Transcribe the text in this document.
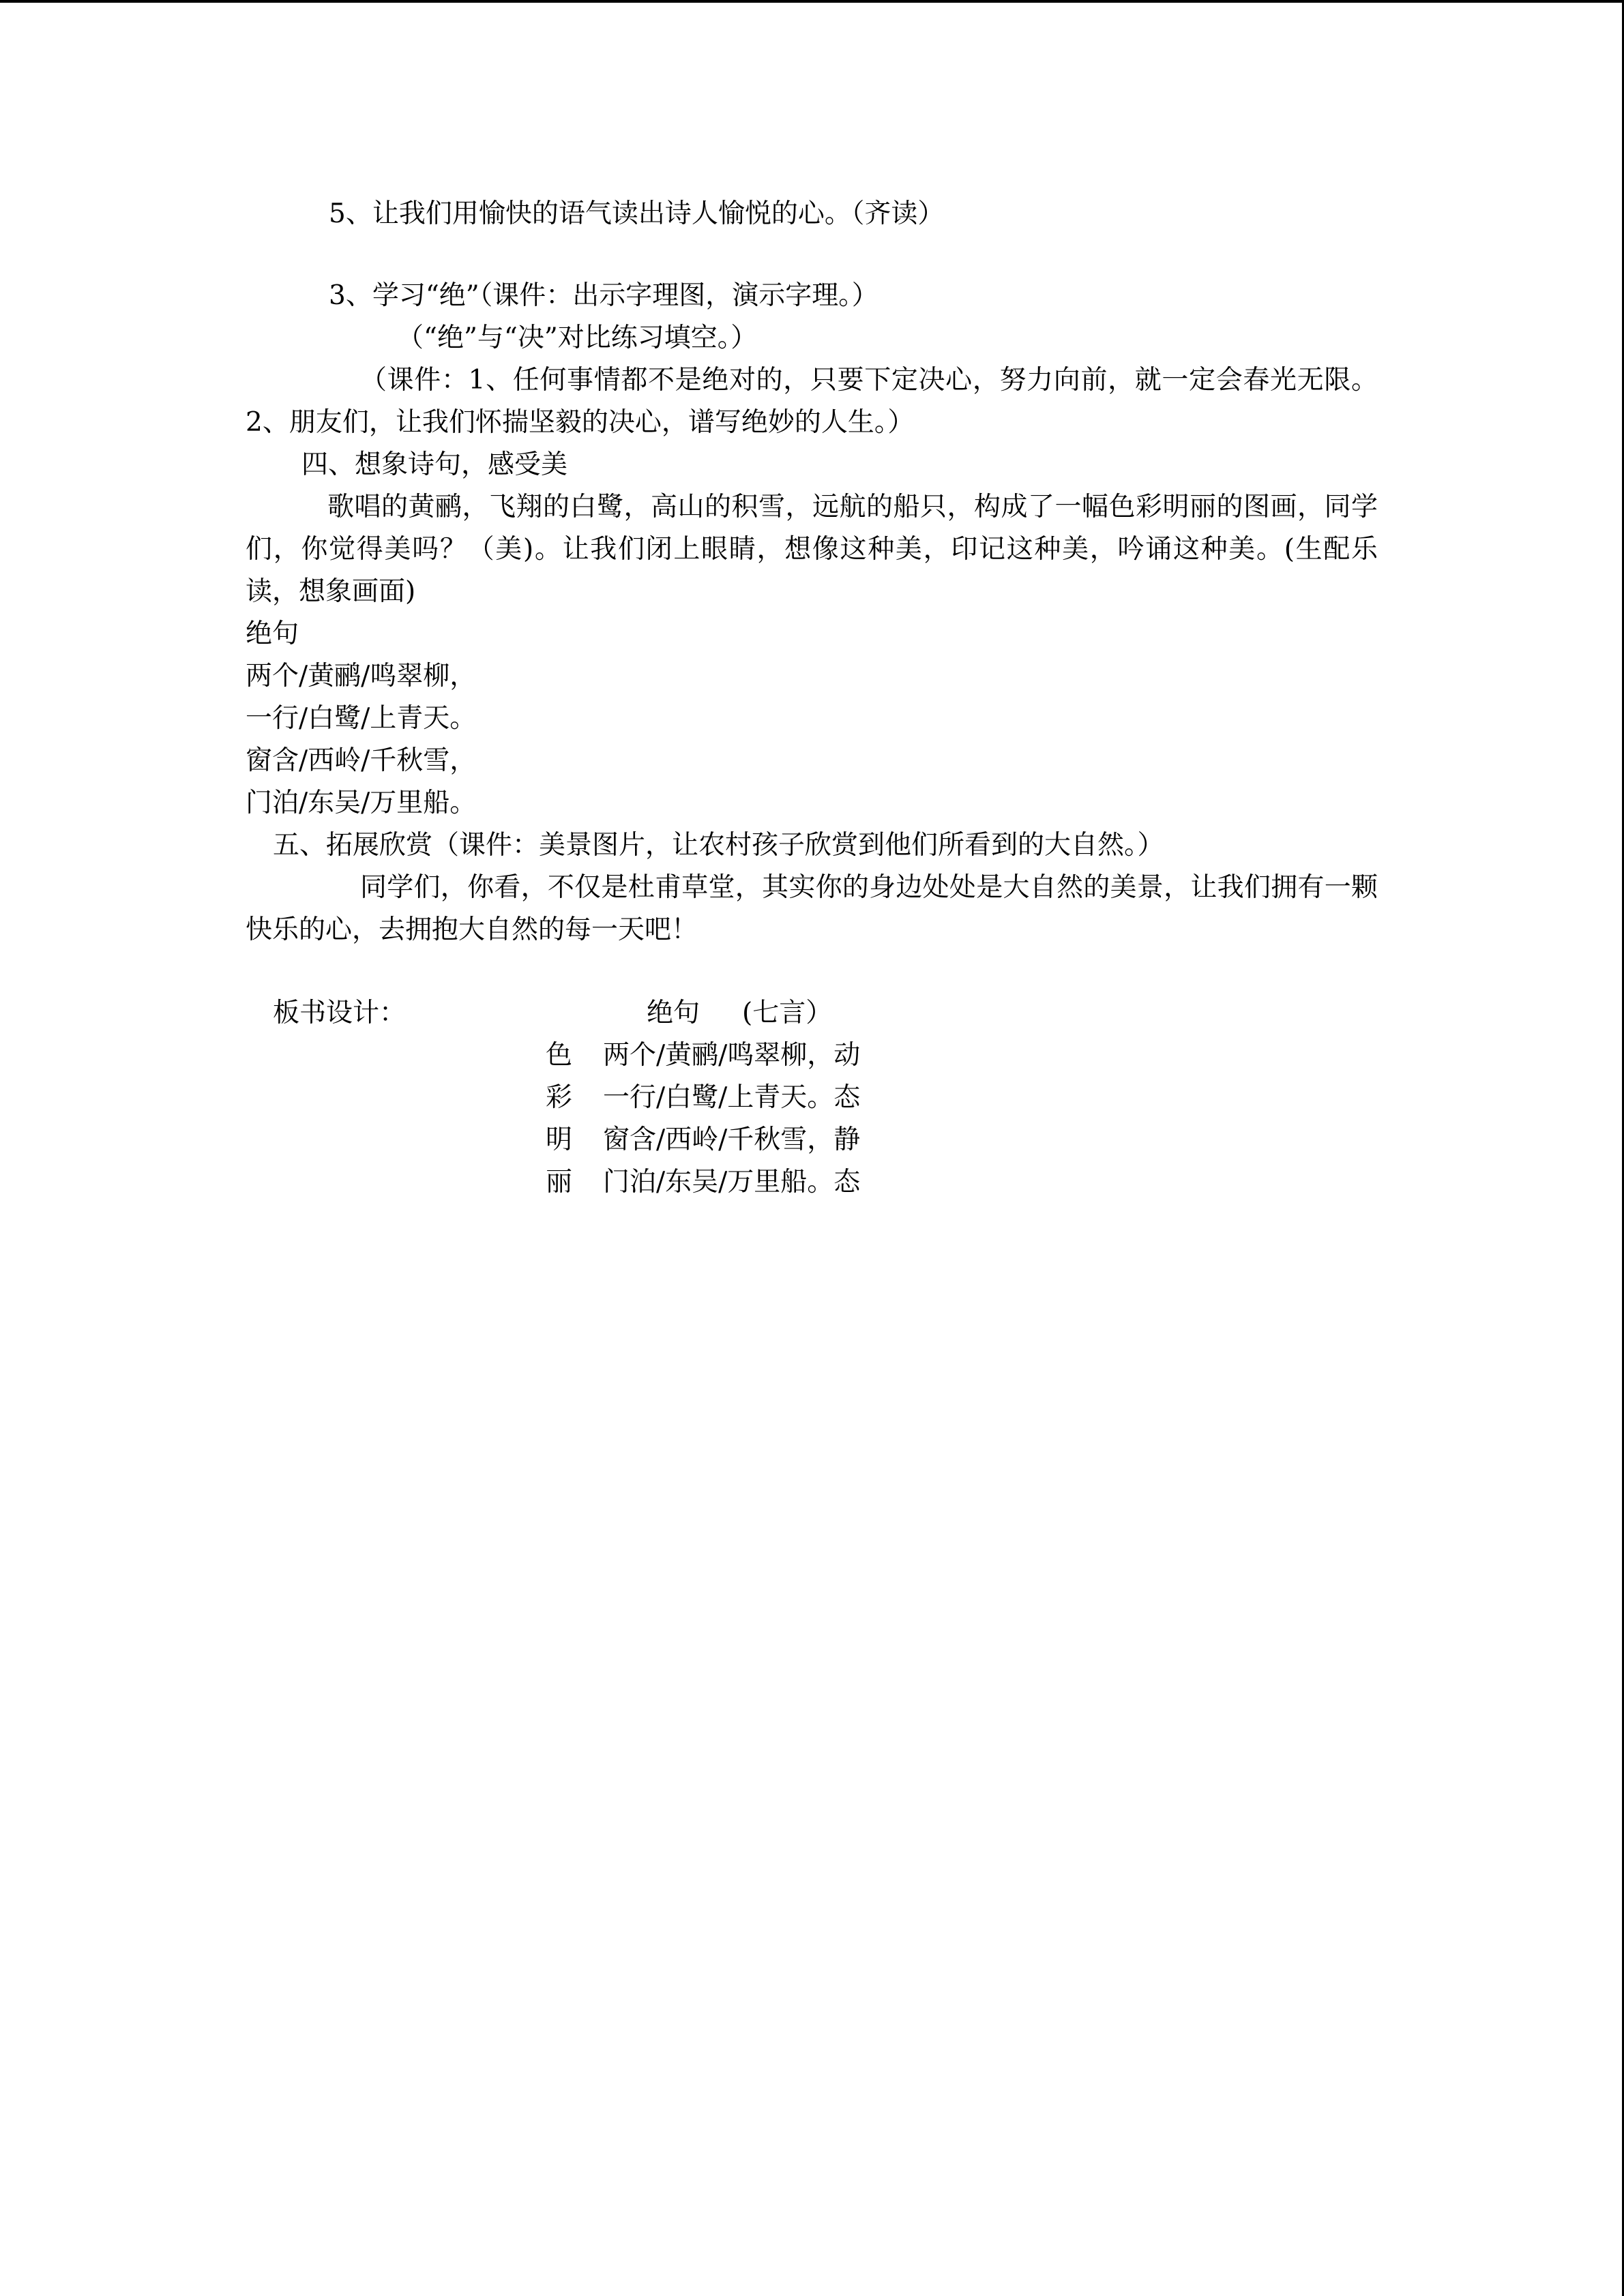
5、让我们用愉快的语气读出诗人愉悦的心。（齐读）

3、学习“绝”（课件：出示字理图，演示字理。）

（“绝”与“决”对比练习填空。）

（课件：1、任何事情都不是绝对的，只要下定决心，努力向前，就一定会春光无限。2、朋友们，让我们怀揣坚毅的决心，谱写绝妙的人生。）

四、想象诗句，感受美

歌唱的黄鹂，飞翔的白鹭，高山的积雪，远航的船只，构成了一幅色彩明丽的图画，同学们，你觉得美吗？（美)。让我们闭上眼睛，想像这种美，印记这种美，吟诵这种美。(生配乐读，想象画面)

绝句

两个/黄鹂/鸣翠柳，

一行/白鹭/上青天。

窗含/西岭/千秋雪，

门泊/东吴/万里船。

五、拓展欣赏（课件：美景图片，让农村孩子欣赏到他们所看到的大自然。）

同学们，你看，不仅是杜甫草堂，其实你的身边处处是大自然的美景，让我们拥有一颗快乐的心，去拥抱大自然的每一天吧！

板书设计：	绝句 (七言）
色	两个/黄鹂/鸣翠柳，动
彩	一行/白鹭/上青天。态
明	窗含/西岭/千秋雪，静
丽	门泊/东吴/万里船。态
